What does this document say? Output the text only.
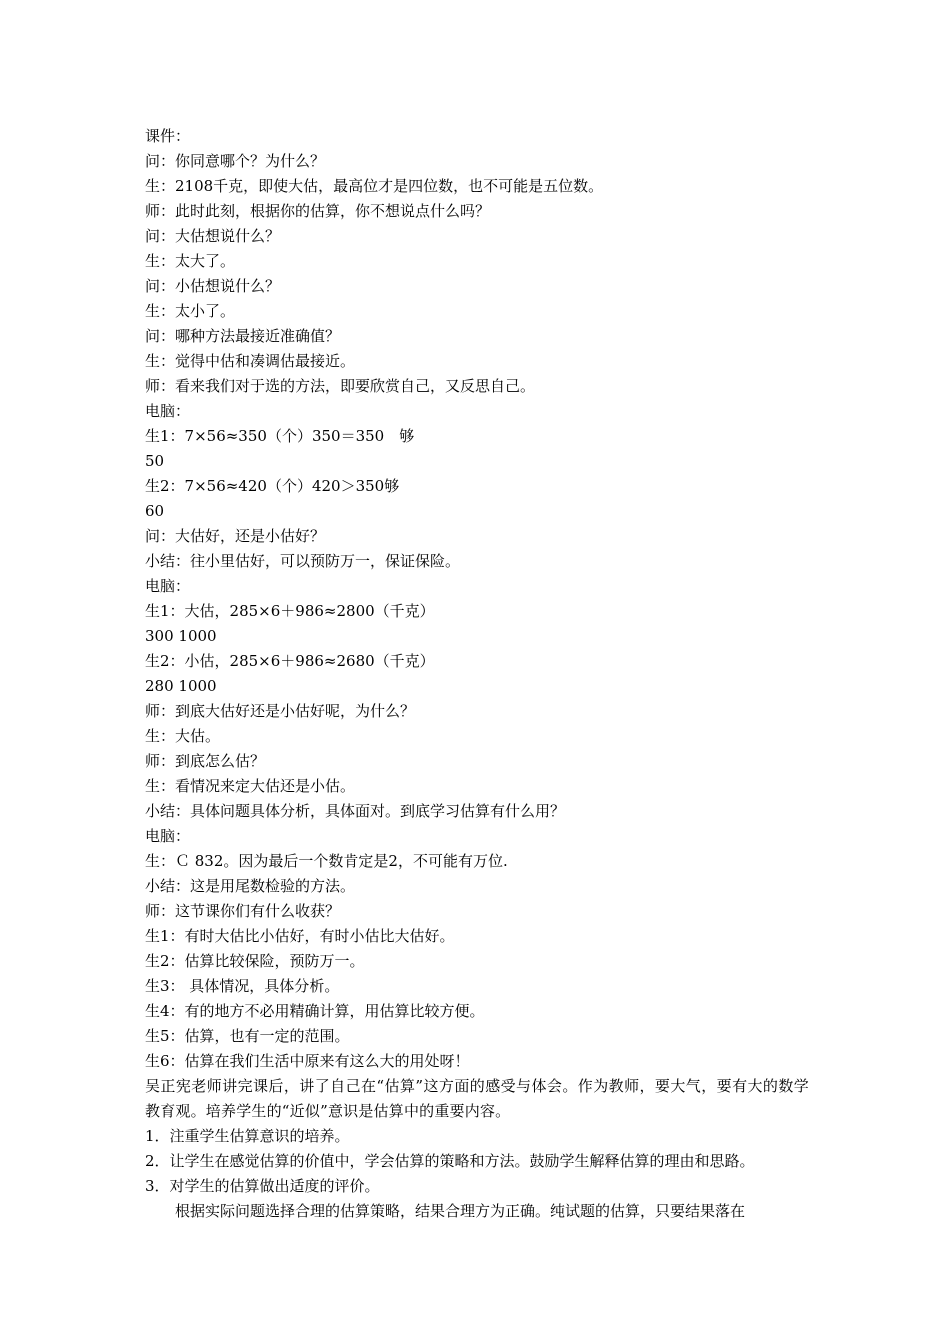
课件：
问：你同意哪个？为什么？
生：2108千克，即使大估，最高位才是四位数，也不可能是五位数。
师：此时此刻，根据你的估算，你不想说点什么吗？
问：大估想说什么？
生：太大了。
问：小估想说什么？
生：太小了。
问：哪种方法最接近准确值？
生：觉得中估和凑调估最接近。
师：看来我们对于选的方法，即要欣赏自己，又反思自己。
电脑：
生1：7×56≈350（个）350＝350　够
50
生2：7×56≈420（个）420＞350够
60
问：大估好，还是小估好？
小结：往小里估好，可以预防万一，保证保险。
电脑：
生1：大估，285×6＋986≈2800（千克）
300 1000
生2：小估，285×6＋986≈2680（千克）
280 1000
师：到底大估好还是小估好呢，为什么？
生：大估。
师：到底怎么估？
生：看情况来定大估还是小估。
小结：具体问题具体分析，具体面对。到底学习估算有什么用？
电脑：
生：Ｃ 832。因为最后一个数肯定是2，不可能有万位.
小结：这是用尾数检验的方法。
师：这节课你们有什么收获？
生1：有时大估比小估好，有时小估比大估好。
生2：估算比较保险，预防万一。
生3： 具体情况，具体分析。
生4：有的地方不必用精确计算，用估算比较方便。
生5：估算，也有一定的范围。
生6：估算在我们生活中原来有这么大的用处呀！
吴正宪老师讲完课后，讲了自己在“估算”这方面的感受与体会。作为教师，要大气，要有大的数学教育观。培养学生的“近似”意识是估算中的重要内容。
1．注重学生估算意识的培养。
2．让学生在感觉估算的价值中，学会估算的策略和方法。鼓励学生解释估算的理由和思路。
3．对学生的估算做出适度的评价。
根据实际问题选择合理的估算策略，结果合理方为正确。纯试题的估算，只要结果落在
